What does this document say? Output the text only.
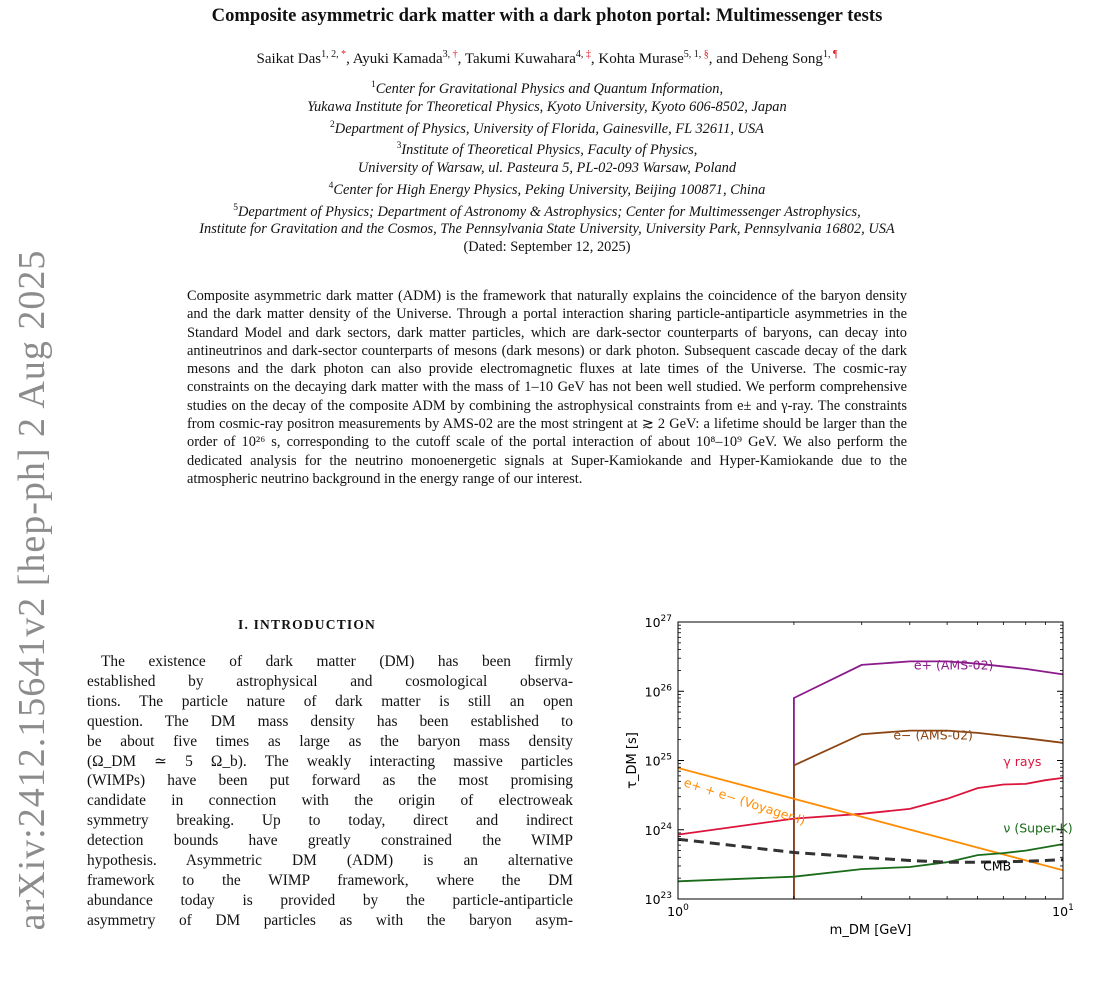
arXiv:2412.15641v2 [hep-ph] 2 Aug 2025
Composite asymmetric dark matter with a dark photon portal: Multimessenger tests
Saikat Das$^{1, 2, *}$, Ayuki Kamada$^{3, \dagger}$, Takumi Kuwahara$^{4, \ddagger}$, Kohta Murase$^{5, 1, \S}$, and Deheng Song$^{1, \P}$
$^1$Center for Gravitational Physics and Quantum Information,
Yukawa Institute for Theoretical Physics, Kyoto University, Kyoto 606-8502, Japan
$^2$Department of Physics, University of Florida, Gainesville, FL 32611, USA
$^3$Institute of Theoretical Physics, Faculty of Physics,
University of Warsaw, ul. Pasteura 5, PL-02-093 Warsaw, Poland
$^4$Center for High Energy Physics, Peking University, Beijing 100871, China
$^5$Department of Physics; Department of Astronomy & Astrophysics; Center for Multimessenger Astrophysics,
Institute for Gravitation and the Cosmos, The Pennsylvania State University, University Park, Pennsylvania 16802, USA
(Dated: September 12, 2025)

Composite asymmetric dark matter (ADM) is the framework that naturally explains the coincidence of the baryon density and the dark matter density of the Universe. Through a portal interaction sharing particle-antiparticle asymmetries in the Standard Model and dark sectors, dark matter particles, which are dark-sector counterparts of baryons, can decay into antineutrinos and dark-sector counterparts of mesons (dark mesons) or dark photon. Subsequent cascade decay of the dark mesons and the dark photon can also provide electromagnetic fluxes at late times of the Universe. The cosmic-ray constraints on the decaying dark matter with the mass of 1–10 GeV has not been well studied. We perform comprehensive studies on the decay of the composite ADM by combining the astrophysical constraints from e± and γ-ray. The constraints from cosmic-ray positron measurements by AMS-02 are the most stringent at ≳ 2 GeV: a lifetime should be larger than the order of 10²⁶ s, corresponding to the cutoff scale of the portal interaction of about 10⁸–10⁹ GeV. We also perform the dedicated analysis for the neutrino monoenergetic signals at Super-Kamiokande and Hyper-Kamiokande due to the atmospheric neutrino background in the energy range of our interest.

I. INTRODUCTION
The existence of dark matter (DM) has been firmly
established by astrophysical and cosmological observa-
tions. The particle nature of dark matter is still an open
question. The DM mass density has been established to
be about five times as large as the baryon mass density
(Ω_DM ≃ 5 Ω_b). The weakly interacting massive particles
(WIMPs) have been put forward as the most promising
candidate in connection with the origin of electroweak
symmetry breaking. Up to today, direct and indirect
detection bounds have greatly constrained the WIMP
hypothesis. Asymmetric DM (ADM) is an alternative
framework to the WIMP framework, where the DM
abundance today is provided by the particle-antiparticle
asymmetry of DM particles as with the baryon asym-
$10^{23}$
$10^{24}$
$10^{25}$
$10^{26}$
$10^{27}$
$10^0$	$10^1$
m_DM [GeV]
τ_DM [s]
e+ (AMS-02)
e− (AMS-02)
γ rays
e+ + e− (Voyager-I)	ν (Super-K)
CMB
